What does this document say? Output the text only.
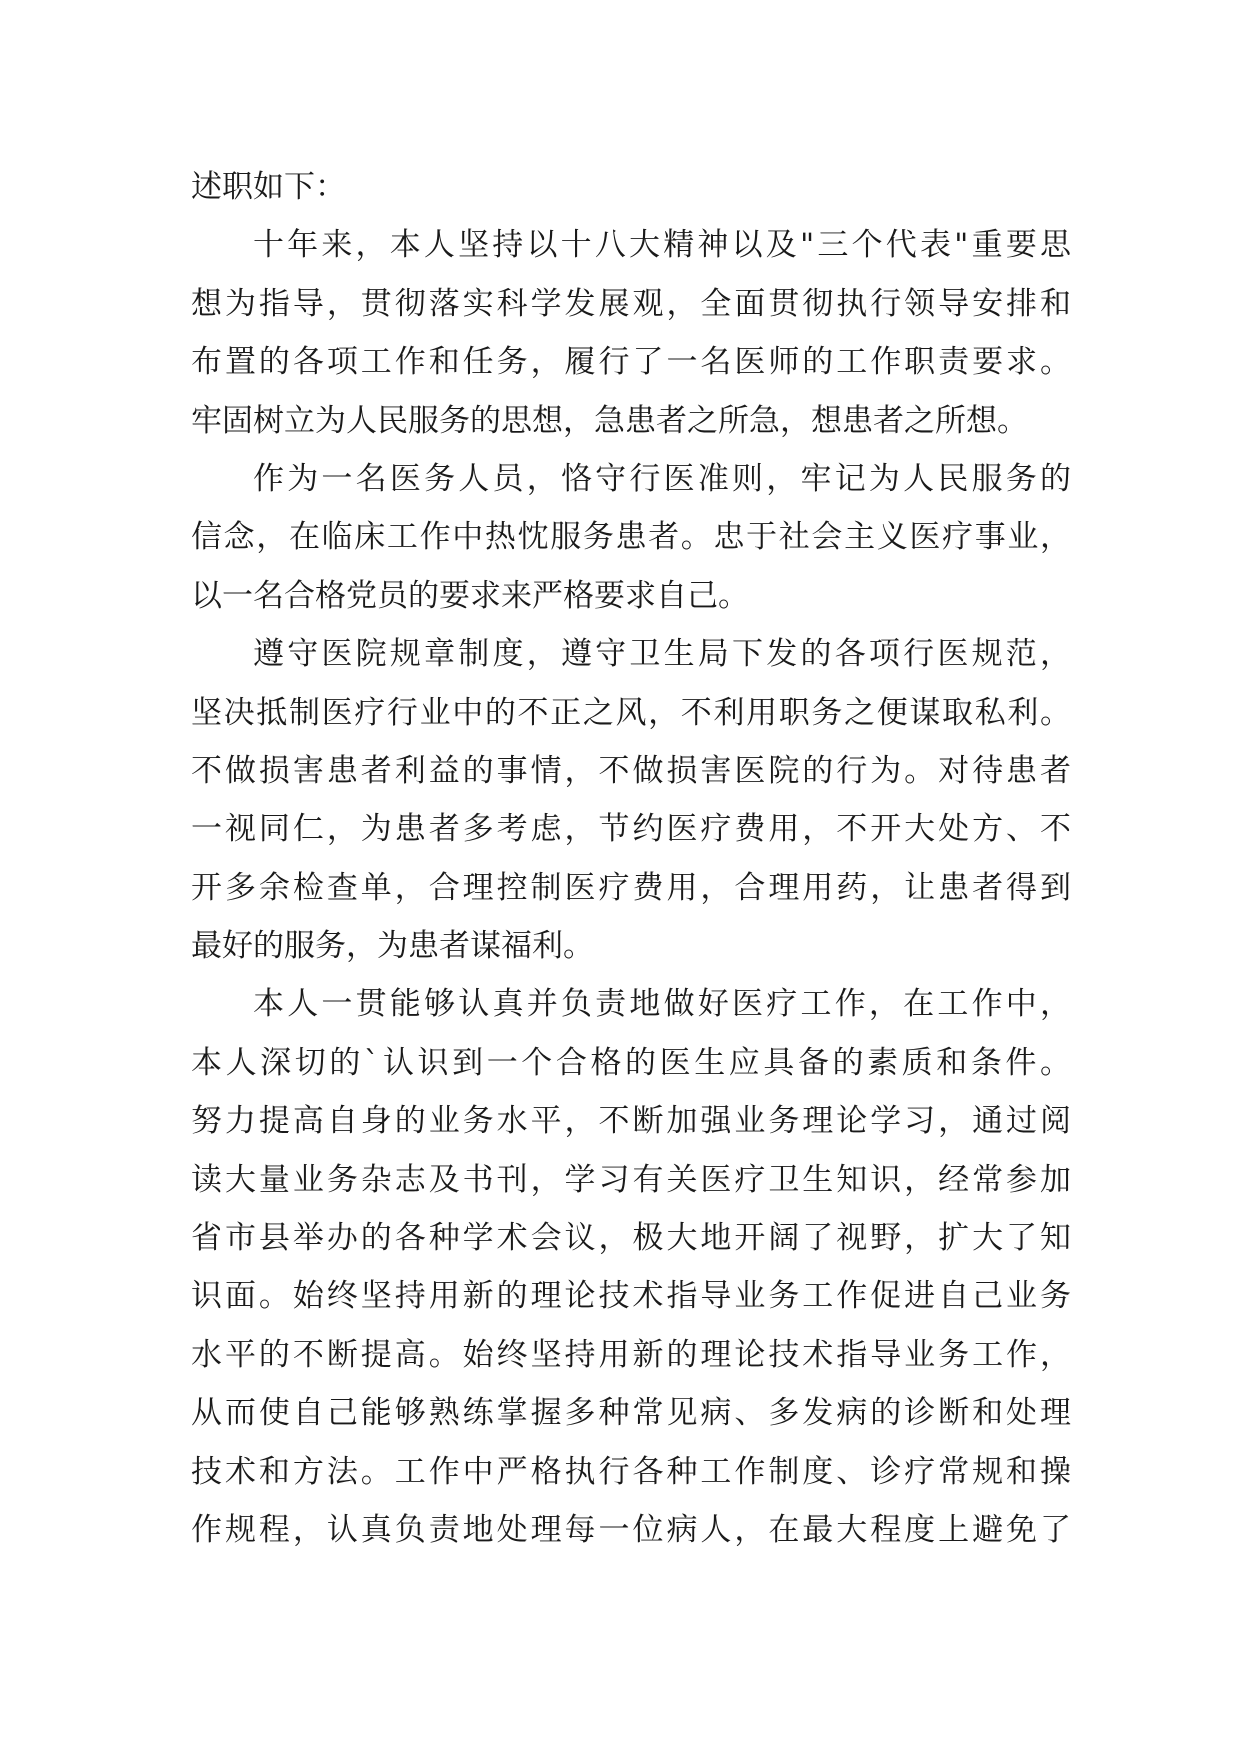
述职如下：
十年来，本人坚持以十八大精神以及"三个代表"重要思
想为指导，贯彻落实科学发展观，全面贯彻执行领导安排和
布置的各项工作和任务，履行了一名医师的工作职责要求。
牢固树立为人民服务的思想，急患者之所急，想患者之所想。
作为一名医务人员，恪守行医准则，牢记为人民服务的
信念，在临床工作中热忱服务患者。忠于社会主义医疗事业，
以一名合格党员的要求来严格要求自己。
遵守医院规章制度，遵守卫生局下发的各项行医规范，
坚决抵制医疗行业中的不正之风，不利用职务之便谋取私利。
不做损害患者利益的事情，不做损害医院的行为。对待患者
一视同仁，为患者多考虑，节约医疗费用，不开大处方、不
开多余检查单，合理控制医疗费用，合理用药，让患者得到
最好的服务，为患者谋福利。
本人一贯能够认真并负责地做好医疗工作，在工作中，
本人深切的`认识到一个合格的医生应具备的素质和条件。
努力提高自身的业务水平，不断加强业务理论学习，通过阅
读大量业务杂志及书刊，学习有关医疗卫生知识，经常参加
省市县举办的各种学术会议，极大地开阔了视野，扩大了知
识面。始终坚持用新的理论技术指导业务工作促进自己业务
水平的不断提高。始终坚持用新的理论技术指导业务工作，
从而使自己能够熟练掌握多种常见病、多发病的诊断和处理
技术和方法。工作中严格执行各种工作制度、诊疗常规和操
作规程，认真负责地处理每一位病人，在最大程度上避免了
